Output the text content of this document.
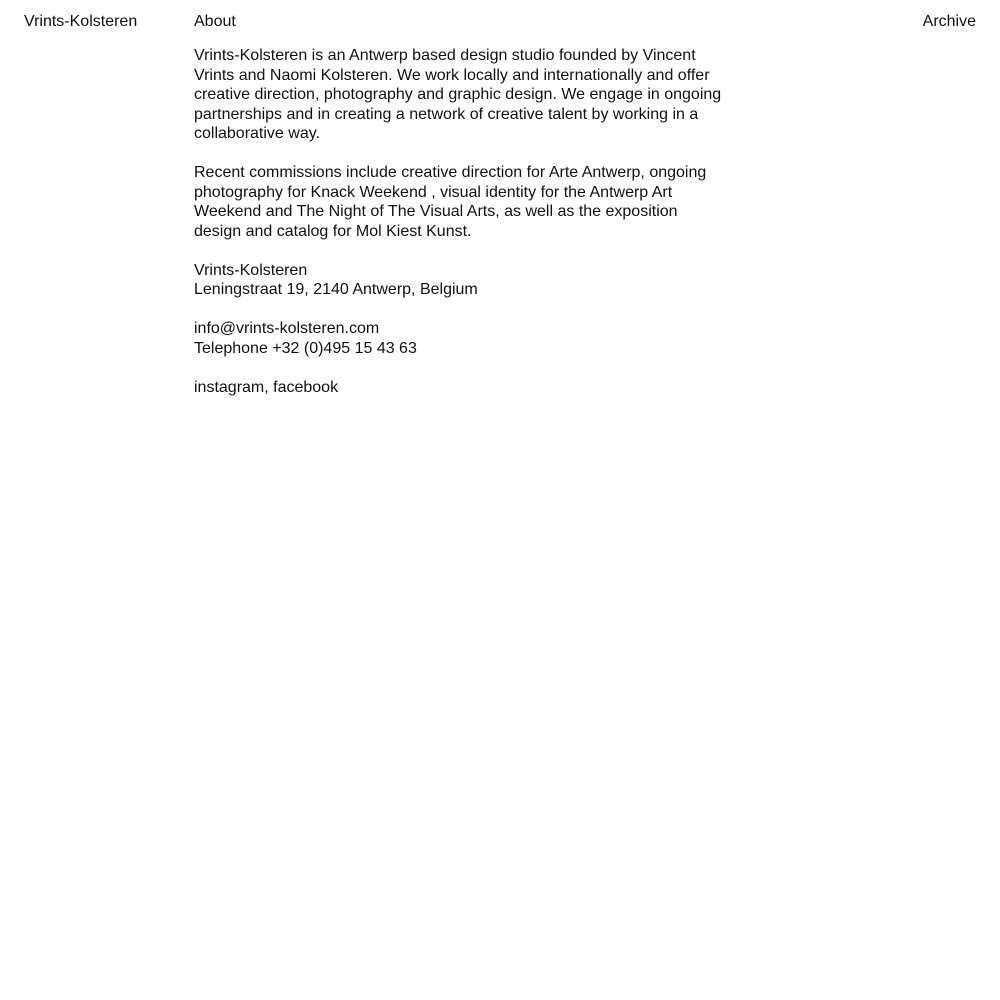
Vrints-Kolsteren	About	Archive

Vrints-Kolsteren is an Antwerp based design studio founded by Vincent Vrints and Naomi Kolsteren. We work locally and internationally and offer creative direction, photography and graphic design. We engage in ongoing partnerships and in creating a network of creative talent by working in a collaborative way.

Recent commissions include creative direction for Arte Antwerp, ongoing photography for Knack Weekend , visual identity for the Antwerp Art Weekend and The Night of The Visual Arts, as well as the exposition design and catalog for Mol Kiest Kunst.

Vrints-Kolsteren
Leningstraat 19, 2140 Antwerp, Belgium

info@vrints-kolsteren.com
Telephone +32 (0)495 15 43 63

instagram, facebook
